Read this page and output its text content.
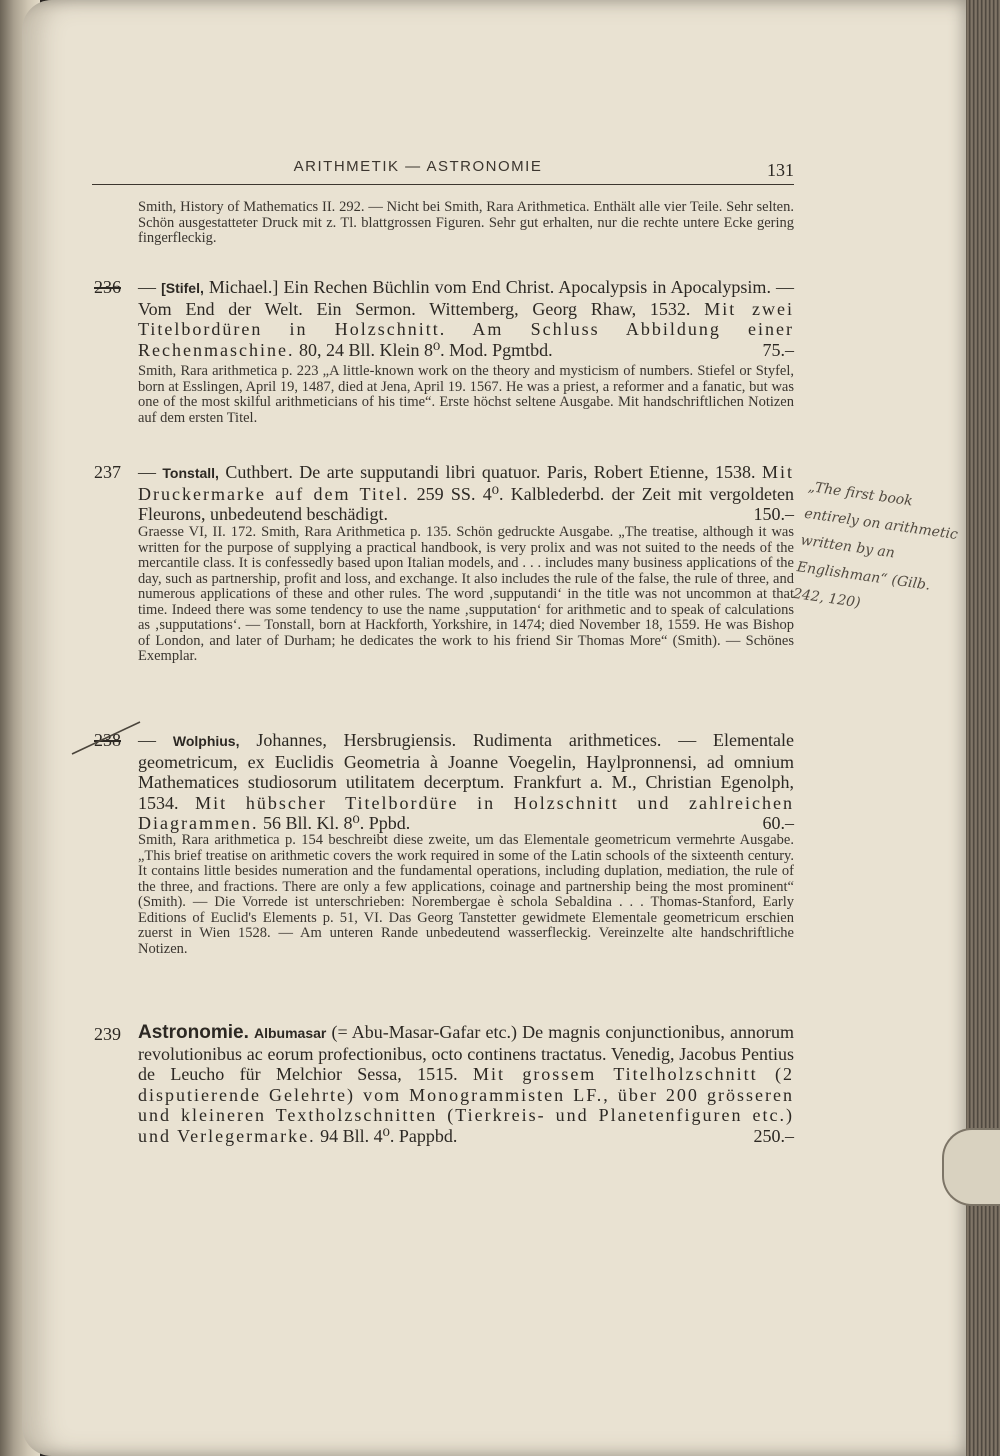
ARITHMETIK — ASTRONOMIE	131
Smith, History of Mathematics II. 292. — Nicht bei Smith, Rara Arithmetica. Enthält alle vier Teile. Sehr selten. Schön ausgestatteter Druck mit z. Tl. blattgrossen Figuren. Sehr gut erhalten, nur die rechte untere Ecke gering fingerfleckig.
236 — [Stifel, Michael.] Ein Rechen Büchlin vom End Christ. Apocalypsis in Apocalypsim. — Vom End der Welt. Ein Sermon. Wittemberg, Georg Rhaw, 1532. Mit zwei Titelbordüren in Holzschnitt. Am Schluss Abbildung einer Rechenmaschine. 80, 24 Bll. Klein 8⁰. Mod. Pgmtbd.	75.–
Smith, Rara arithmetica p. 223 „A little-known work on the theory and mysticism of numbers. Stiefel or Styfel, born at Esslingen, April 19, 1487, died at Jena, April 19. 1567. He was a priest, a reformer and a fanatic, but was one of the most skilful arithmeticians of his time“. Erste höchst seltene Ausgabe. Mit handschriftlichen Notizen auf dem ersten Titel.
237 — Tonstall, Cuthbert. De arte supputandi libri quatuor. Paris, Robert Etienne, 1538. Mit Druckermarke auf dem Titel. 259 SS. 4⁰. Kalblederbd. der Zeit mit vergoldeten Fleurons, unbedeutend beschädigt.	150.–
Graesse VI, II. 172. Smith, Rara Arithmetica p. 135. Schön gedruckte Ausgabe. „The treatise, although it was written for the purpose of supplying a practical handbook, is very prolix and was not suited to the needs of the mercantile class. It is confessedly based upon Italian models, and . . . includes many business applications of the day, such as partnership, profit and loss, and exchange. It also includes the rule of the false, the rule of three, and numerous applications of these and other rules. The word ‚supputandi‘ in the title was not uncommon at that time. Indeed there was some tendency to use the name ‚supputation‘ for arithmetic and to speak of calculations as ‚supputations‘. — Tonstall, born at Hackforth, Yorkshire, in 1474; died November 18, 1559. He was Bishop of London, and later of Durham; he dedicates the work to his friend Sir Thomas More“ (Smith). — Schönes Exemplar.
238 — Wolphius, Johannes, Hersbrugiensis. Rudimenta arithmetices. — Elementale geometricum, ex Euclidis Geometria à Joanne Voegelin, Haylpronnensi, ad omnium Mathematices studiosorum utilitatem decerptum. Frankfurt a. M., Christian Egenolph, 1534. Mit hübscher Titelbordüre in Holzschnitt und zahlreichen Diagrammen. 56 Bll. Kl. 8⁰. Ppbd.	60.–
Smith, Rara arithmetica p. 154 beschreibt diese zweite, um das Elementale geometricum vermehrte Ausgabe. „This brief treatise on arithmetic covers the work required in some of the Latin schools of the sixteenth century. It contains little besides numeration and the fundamental operations, including duplation, mediation, the rule of the three, and fractions. There are only a few applications, coinage and partnership being the most prominent“ (Smith). — Die Vorrede ist unterschrieben: Norembergae è schola Sebaldina . . . Thomas-Stanford, Early Editions of Euclid's Elements p. 51, VI. Das Georg Tanstetter gewidmete Elementale geometricum erschien zuerst in Wien 1528. — Am unteren Rande unbedeutend wasserfleckig. Vereinzelte alte handschriftliche Notizen.
239 Astronomie. Albumasar (= Abu-Masar-Gafar etc.) De magnis conjunctionibus, annorum revolutionibus ac eorum profectionibus, octo continens tractatus. Venedig, Jacobus Pentius de Leucho für Melchior Sessa, 1515. Mit grossem Titelholzschnitt (2 disputierende Gelehrte) vom Monogrammisten LF., über 200 grösseren und kleineren Textholzschnitten (Tierkreis- und Planetenfiguren etc.) und Verlegermarke. 94 Bll. 4⁰. Pappbd.	250.–
„The first book entirely on arithmetic written by an Englishman“ (Gilb. 242, 120)
